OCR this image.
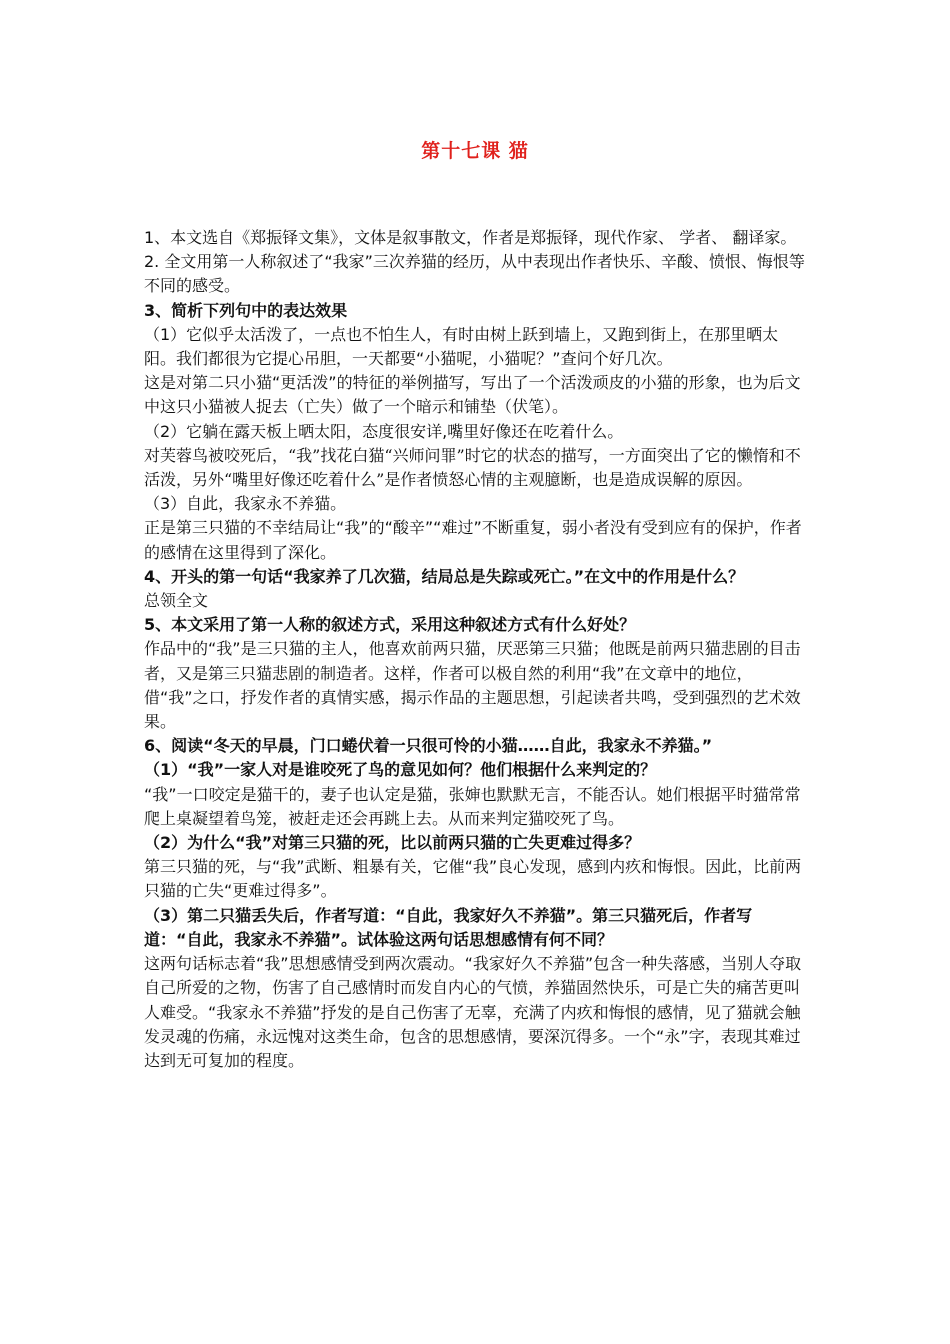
第十七课 猫

1、本文选自《郑振铎文集》，文体是叙事散文，作者是郑振铎，现代作家、 学者、 翻译家。

2. 全文用第一人称叙述了“我家”三次养猫的经历，从中表现出作者快乐、辛酸、愤恨、悔恨等不同的感受。

3、简析下列句中的表达效果

（1）它似乎太活泼了，一点也不怕生人，有时由树上跃到墙上，又跑到街上，在那里晒太阳。我们都很为它提心吊胆，一天都要“小猫呢，小猫呢？”查问个好几次。

这是对第二只小猫“更活泼”的特征的举例描写，写出了一个活泼顽皮的小猫的形象，也为后文中这只小猫被人捉去（亡失）做了一个暗示和铺垫（伏笔）。

（2）它躺在露天板上晒太阳，态度很安详,嘴里好像还在吃着什么。

对芙蓉鸟被咬死后，“我”找花白猫“兴师问罪”时它的状态的描写，一方面突出了它的懒惰和不活泼，另外“嘴里好像还吃着什么”是作者愤怒心情的主观臆断，也是造成误解的原因。

（3）自此，我家永不养猫。

正是第三只猫的不幸结局让“我”的“酸辛”“难过”不断重复，弱小者没有受到应有的保护，作者的感情在这里得到了深化。

4、开头的第一句话“我家养了几次猫，结局总是失踪或死亡。”在文中的作用是什么？

总领全文

5、本文采用了第一人称的叙述方式，采用这种叙述方式有什么好处？

作品中的“我”是三只猫的主人，他喜欢前两只猫，厌恶第三只猫；他既是前两只猫悲剧的目击者，又是第三只猫悲剧的制造者。这样，作者可以极自然的利用“我”在文章中的地位，借“我”之口，抒发作者的真情实感，揭示作品的主题思想，引起读者共鸣，受到强烈的艺术效果。

6、阅读“冬天的早晨，门口蜷伏着一只很可怜的小猫……自此，我家永不养猫。”

（1）“我”一家人对是谁咬死了鸟的意见如何？他们根据什么来判定的？

“我”一口咬定是猫干的，妻子也认定是猫，张婶也默默无言，不能否认。她们根据平时猫常常爬上桌凝望着鸟笼，被赶走还会再跳上去。从而来判定猫咬死了鸟。

（2）为什么“我”对第三只猫的死，比以前两只猫的亡失更难过得多？

第三只猫的死，与“我”武断、粗暴有关，它催“我”良心发现，感到内疚和悔恨。因此，比前两只猫的亡失“更难过得多”。

（3）第二只猫丢失后，作者写道：“自此，我家好久不养猫”。第三只猫死后，作者写道：“自此，我家永不养猫”。试体验这两句话思想感情有何不同？

这两句话标志着“我”思想感情受到两次震动。“我家好久不养猫”包含一种失落感，当别人夺取自己所爱的之物，伤害了自己感情时而发自内心的气愤，养猫固然快乐，可是亡失的痛苦更叫人难受。“我家永不养猫”抒发的是自己伤害了无辜，充满了内疚和悔恨的感情，见了猫就会触发灵魂的伤痛，永远愧对这类生命，包含的思想感情，要深沉得多。一个“永”字，表现其难过达到无可复加的程度。
